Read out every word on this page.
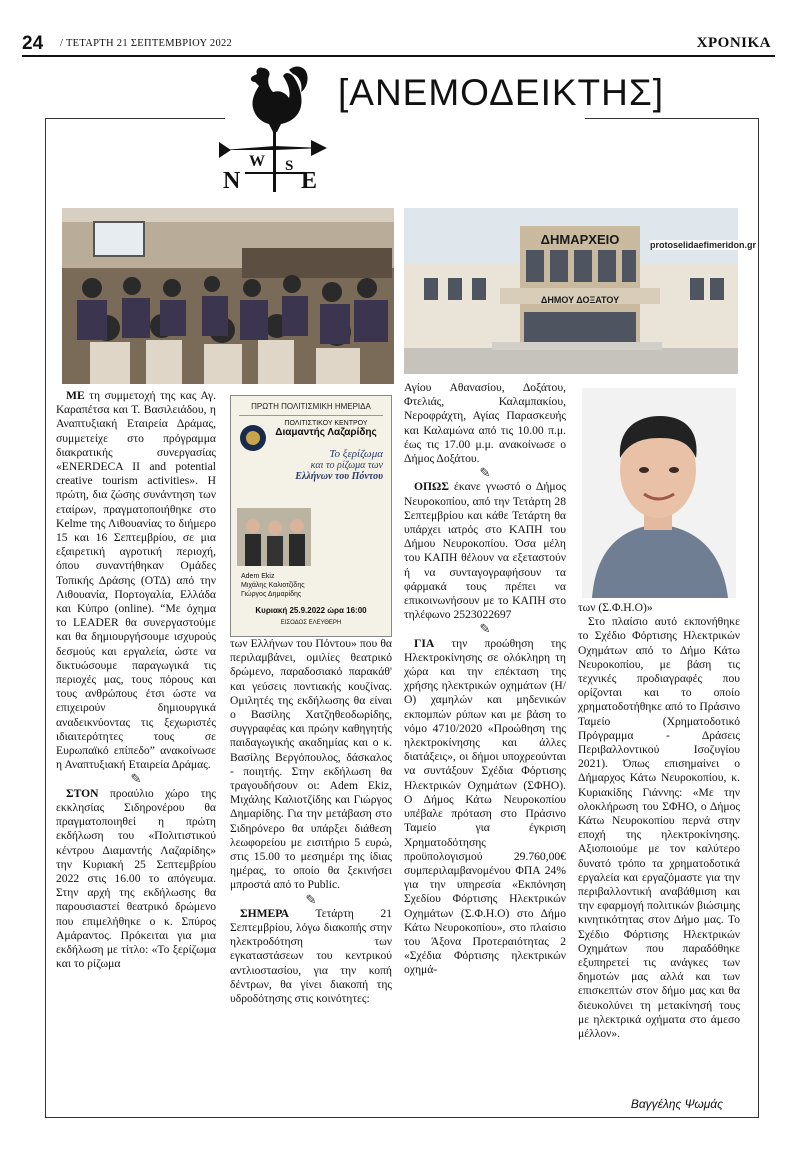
24 / ΤΕΤΑΡΤΗ 21 ΣΕΠΤΕΜΒΡΙΟΥ 2022	ΧΡΟΝΙΚΑ
W
N
S
E
[ΑΝΕΜΟΔΕΙΚΤΗΣ]
ΔΗΜΑΡΧΕΙΟ
ΔΗΜΟΥ ΔΟΞΑΤΟΥ
protoselidaefimeridon.gr
ΠΡΩΤΗ ΠΟΛΙΤΙΣΜΙΚΗ ΗΜΕΡΙΔΑ
ΠΟΛΙΤΙΣΤΙΚΟΥ ΚΕΝΤΡΟΥ
Διαμαντής Λαζαρίδης
Το ξερίζωμα
και το ρίζωμα των
Ελλήνων του Πόντου
Adem Ekiz
Μιχάλης Καλιοτζίδης
Γιώργος Δημαρίδης
Κυριακή 25.9.2022 ώρα 16:00
ΕΙΣΟΔΟΣ ΕΛΕΥΘΕΡΗ

ΜΕ τη συμμετοχή της κας Αγ. Καραπέτσα και Τ. Βασιλειάδου, η Αναπτυξιακή Εταιρεία Δράμας, συμμετείχε στο πρόγραμμα διακρατικής συνεργασίας «ENERDECA II and potential creative tourism activities». Η πρώτη, δια ζώσης συνάντηση των εταίρων, πραγματοποιήθηκε στο Kelme της Λιθουανίας το διήμερο 15 και 16 Σεπτεμβρίου, σε μια εξαιρετική αγροτική περιοχή, όπου συναντήθηκαν Ομάδες Τοπικής Δράσης (ΟΤΔ) από την Λιθουανία, Πορτογαλία, Ελλάδα και Κύπρο (online). “Με όχημα το LEADER θα συνεργαστούμε και θα δημιουργήσουμε ισχυρούς δεσμούς και εργαλεία, ώστε να δικτυώσουμε παραγωγικά τις περιοχές μας, τους πόρους και τους ανθρώπους έτσι ώστε να επιχειρούν δημιουργικά αναδεικνύοντας τις ξεχωριστές ιδιαιτερότητες τους σε Ευρωπαϊκό επίπεδο” ανακοίνωσε η Αναπτυξιακή Εταιρεία Δράμας.

✎

ΣΤΟΝ προαύλιο χώρο της εκκλησίας Σιδηρονέρου θα πραγματοποιηθεί η πρώτη εκδήλωση του «Πολιτιστικού κέντρου Διαμαντής Λαζαρίδης» την Κυριακή 25 Σεπτεμβρίου 2022 στις 16.00 το απόγευμα. Στην αρχή της εκδήλωσης θα παρουσιαστεί θεατρικό δρώμενο που επιμελήθηκε ο κ. Σπύρος Αμάραντος. Πρόκειται για μια εκδήλωση με τίτλο: «Το ξερίζωμα και το ρίζωμα

των Ελλήνων του Πόντου» που θα περιλαμβάνει, ομιλίες θεατρικό δρώμενο, παραδοσιακό παρακάθ' και γεύσεις ποντιακής κουζίνας. Ομιλητές της εκδήλωσης θα είναι ο Βασίλης Χατζηθεοδωρίδης, συγγραφέας και πρώην καθηγητής παιδαγωγικής ακαδημίας και ο κ. Βασίλης Βεργόπουλος, δάσκαλος - ποιητής. Στην εκδήλωση θα τραγουδήσουν οι: Adem Ekiz, Μιχάλης Καλιοτζίδης και Γιώργος Δημαρίδης. Για την μετάβαση στο Σιδηρόνερο θα υπάρξει διάθεση λεωφορείου με εισιτήριο 5 ευρώ, στις 15.00 το μεσημέρι της ίδιας ημέρας, το οποίο θα ξεκινήσει μπροστά από το Public.

✎

ΣΗΜΕΡΑ Τετάρτη 21 Σεπτεμβρίου, λόγω διακοπής στην ηλεκτροδότηση των εγκαταστάσεων του κεντρικού αντλιοστασίου, για την κοπή δέντρων, θα γίνει διακοπή της υδροδότησης στις κοινότητες:

Αγίου Αθανασίου, Δοξάτου, Φτελιάς, Καλαμπακίου, Νεροφράχτη, Αγίας Παρασκευής και Καλαμώνα από τις 10.00 π.μ. έως τις 17.00 μ.μ. ανακοίνωσε ο Δήμος Δοξάτου.

✎

ΟΠΩΣ έκανε γνωστό ο Δήμος Νευροκοπίου, από την Τετάρτη 28 Σεπτεμβρίου και κάθε Τετάρτη θα υπάρχει ιατρός στο ΚΑΠΗ του Δήμου Νευροκοπίου. Όσα μέλη του ΚΑΠΗ θέλουν να εξεταστούν ή να συνταγογραφήσουν τα φάρμακά τους πρέπει να επικοινωνήσουν με το ΚΑΠΗ στο τηλέφωνο 2523022697

✎

ΓΙΑ την προώθηση της Ηλεκτροκίνησης σε ολόκληρη τη χώρα και την επέκταση της χρήσης ηλεκτρικών οχημάτων (Η/Ο) χαμηλών και μηδενικών εκπομπών ρύπων και με βάση το νόμο 4710/2020 «Προώθηση της ηλεκτροκίνησης και άλλες διατάξεις», οι δήμοι υποχρεούνται να συντάξουν Σχέδια Φόρτισης Ηλεκτρικών Οχημάτων (ΣΦΗΟ). Ο Δήμος Κάτω Νευροκοπίου υπέβαλε πρόταση στο Πράσινο Ταμείο για έγκριση Χρηματοδότησης προϋπολογισμού 29.760,00€ συμπεριλαμβανομένου ΦΠΑ 24% για την υπηρεσία «Εκπόνηση Σχεδίου Φόρτισης Ηλεκτρικών Οχημάτων (Σ.Φ.Η.Ο) στο Δήμο Κάτω Νευροκοπίου», στο πλαίσιο του Άξονα Προτεραιότητας 2 «Σχέδια Φόρτισης ηλεκτρικών οχημά-

των (Σ.Φ.Η.Ο)»

Στο πλαίσιο αυτό εκπονήθηκε το Σχέδιο Φόρτισης Ηλεκτρικών Οχημάτων από το Δήμο Κάτω Νευροκοπίου, με βάση τις τεχνικές προδιαγραφές που ορίζονται και το οποίο χρηματοδοτήθηκε από το Πράσινο Ταμείο (Χρηματοδοτικό Πρόγραμμα - Δράσεις Περιβαλλοντικού Ισοζυγίου 2021). Όπως επισημαίνει ο Δήμαρχος Κάτω Νευροκοπίου, κ. Κυριακίδης Γιάννης: «Με την ολοκλήρωση του ΣΦΗΟ, ο Δήμος Κάτω Νευροκοπίου περνά στην εποχή της ηλεκτροκίνησης. Αξιοποιούμε με τον καλύτερο δυνατό τρόπο τα χρηματοδοτικά εργαλεία και εργαζόμαστε για την περιβαλλοντική αναβάθμιση και την εφαρμογή πολιτικών βιώσιμης κινητικότητας στον Δήμο μας. Το Σχέδιο Φόρτισης Ηλεκτρικών Οχημάτων που παραδόθηκε εξυπηρετεί τις ανάγκες των δημοτών μας αλλά και των επισκεπτών στον δήμο μας και θα διευκολύνει τη μετακίνησή τους με ηλεκτρικά οχήματα στο άμεσο μέλλον».

Βαγγέλης Ψωμάς
